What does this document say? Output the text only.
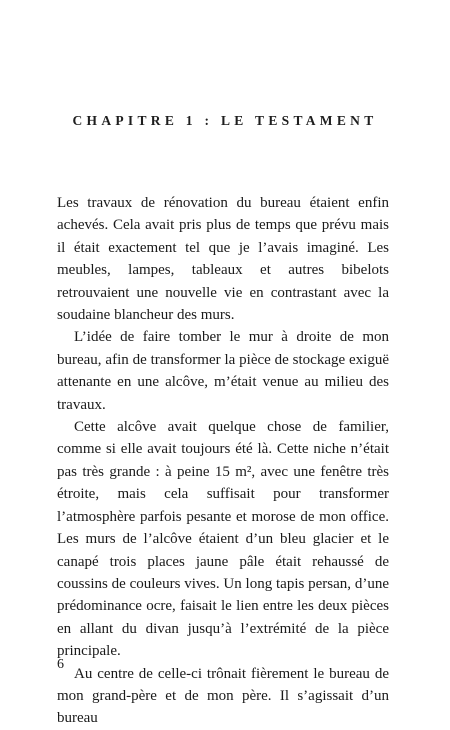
CHAPITRE 1 : LE TESTAMENT

Les travaux de rénovation du bureau étaient enfin achevés. Cela avait pris plus de temps que prévu mais il était exactement tel que je l’avais imaginé. Les meubles, lampes, tableaux et autres bibelots retrouvaient une nouvelle vie en contrastant avec la soudaine blancheur des murs.

L’idée de faire tomber le mur à droite de mon bureau, afin de transformer la pièce de stockage exiguë attenante en une alcôve, m’était venue au milieu des travaux.

Cette alcôve avait quelque chose de familier, comme si elle avait toujours été là. Cette niche n’était pas très grande : à peine 15 m², avec une fenêtre très étroite, mais cela suffisait pour transformer l’atmosphère parfois pesante et morose de mon office. Les murs de l’alcôve étaient d’un bleu glacier et le canapé trois places jaune pâle était rehaussé de coussins de couleurs vives. Un long tapis persan, d’une prédominance ocre, faisait le lien entre les deux pièces en allant du divan jusqu’à l’extrémité de la pièce principale.

Au centre de celle-ci trônait fièrement le bureau de mon grand-père et de mon père. Il s’agissait d’un bureau

6
